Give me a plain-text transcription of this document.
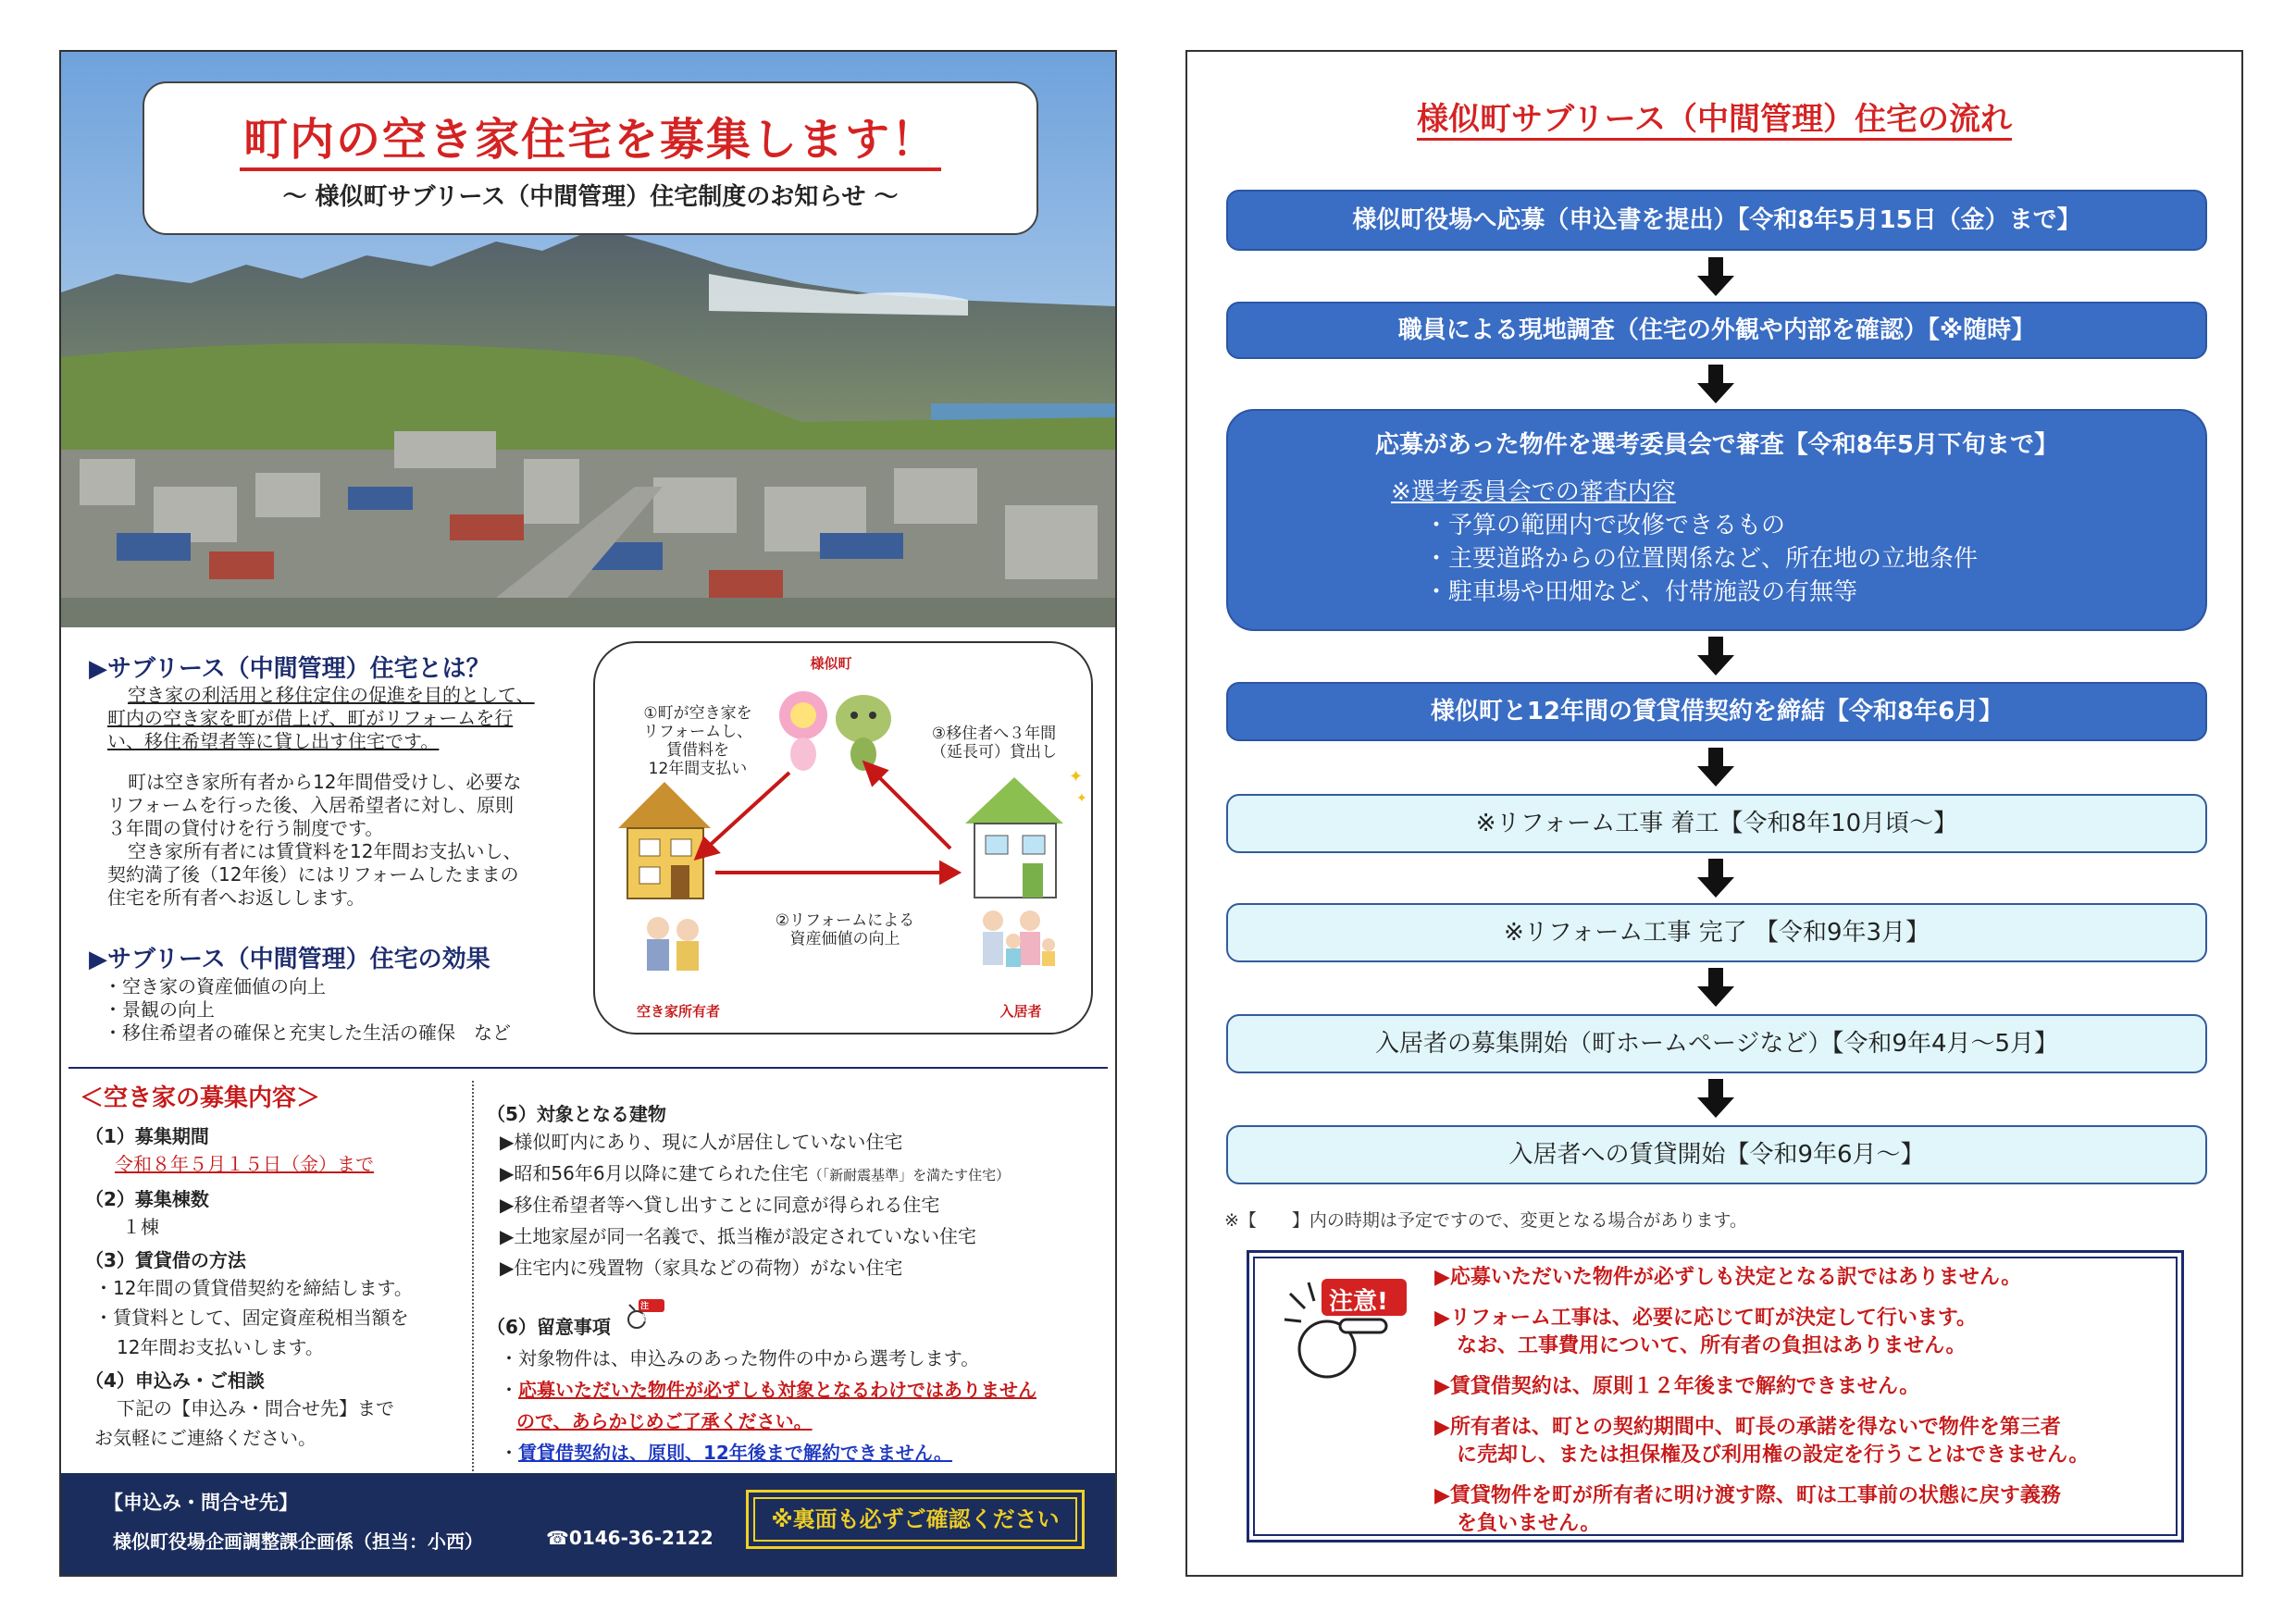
町内の空き家住宅を募集します！
～ 様似町サブリース（中間管理）住宅制度のお知らせ ～
▶サブリース（中間管理）住宅とは？
空き家の利活用と移住定住の促進を目的として、
町内の空き家を町が借上げ、町がリフォームを行
い、移住希望者等に貸し出す住宅です。
町は空き家所有者から12年間借受けし、必要な
リフォームを行った後、入居希望者に対し、原則
３年間の貸付けを行う制度です。
空き家所有者には賃貸料を12年間お支払いし、
契約満了後（12年後）にはリフォームしたままの
住宅を所有者へお返しします。
▶サブリース（中間管理）住宅の効果
・空き家の資産価値の向上
・景観の向上
・移住希望者の確保と充実した生活の確保　など
✦
✦
様似町
①町が空き家を
リフォームし、
賃借料を
12年間支払い
③移住者へ３年間
（延長可）貸出し
②リフォームによる
資産価値の向上
空き家所有者	入居者
＜空き家の募集内容＞
（1）募集期間
令和８年５月１５日（金）まで
（2）募集棟数
１棟
（3）賃貸借の方法
・12年間の賃貸借契約を締結します。
・賃貸料として、固定資産税相当額を
12年間お支払いします。
（4）申込み・ご相談
下記の【申込み・問合せ先】まで
お気軽にご連絡ください。
（5）対象となる建物
▶様似町内にあり、現に人が居住していない住宅
▶昭和56年6月以降に建てられた住宅（「新耐震基準」を満たす住宅）
▶移住希望者等へ貸し出すことに同意が得られる住宅
▶土地家屋が同一名義で、抵当権が設定されていない住宅
▶住宅内に残置物（家具などの荷物）がない住宅
（6）留意事項
注意！
・対象物件は、申込みのあった物件の中から選考します。
・応募いただいた物件が必ずしも対象となるわけではありません
ので、あらかじめご了承ください。
・賃貸借契約は、原則、12年後まで解約できません。
【申込み・問合せ先】
様似町役場企画調整課企画係（担当：小西）	☎0146-36-2122
※裏面も必ずご確認ください
様似町サブリース（中間管理）住宅の流れ
様似町役場へ応募（申込書を提出）【令和8年5月15日（金）まで】
職員による現地調査（住宅の外観や内部を確認）【※随時】
応募があった物件を選考委員会で審査【令和8年5月下旬まで】
※選考委員会での審査内容
・予算の範囲内で改修できるもの
・主要道路からの位置関係など、所在地の立地条件
・駐車場や田畑など、付帯施設の有無等
様似町と12年間の賃貸借契約を締結【令和8年6月】
※リフォーム工事 着工【令和8年10月頃～】
※リフォーム工事 完了 【令和9年3月】
入居者の募集開始（町ホームページなど）【令和9年4月～5月】
入居者への賃貸開始【令和9年6月～】
※【　　】内の時期は予定ですので、変更となる場合があります。
注意!
▶応募いただいた物件が必ずしも決定となる訳ではありません。
▶リフォーム工事は、必要に応じて町が決定して行います。
なお、工事費用について、所有者の負担はありません。
▶賃貸借契約は、原則１２年後まで解約できません。
▶所有者は、町との契約期間中、町長の承諾を得ないで物件を第三者
に売却し、または担保権及び利用権の設定を行うことはできません。
▶賃貸物件を町が所有者に明け渡す際、町は工事前の状態に戻す義務
を負いません。
